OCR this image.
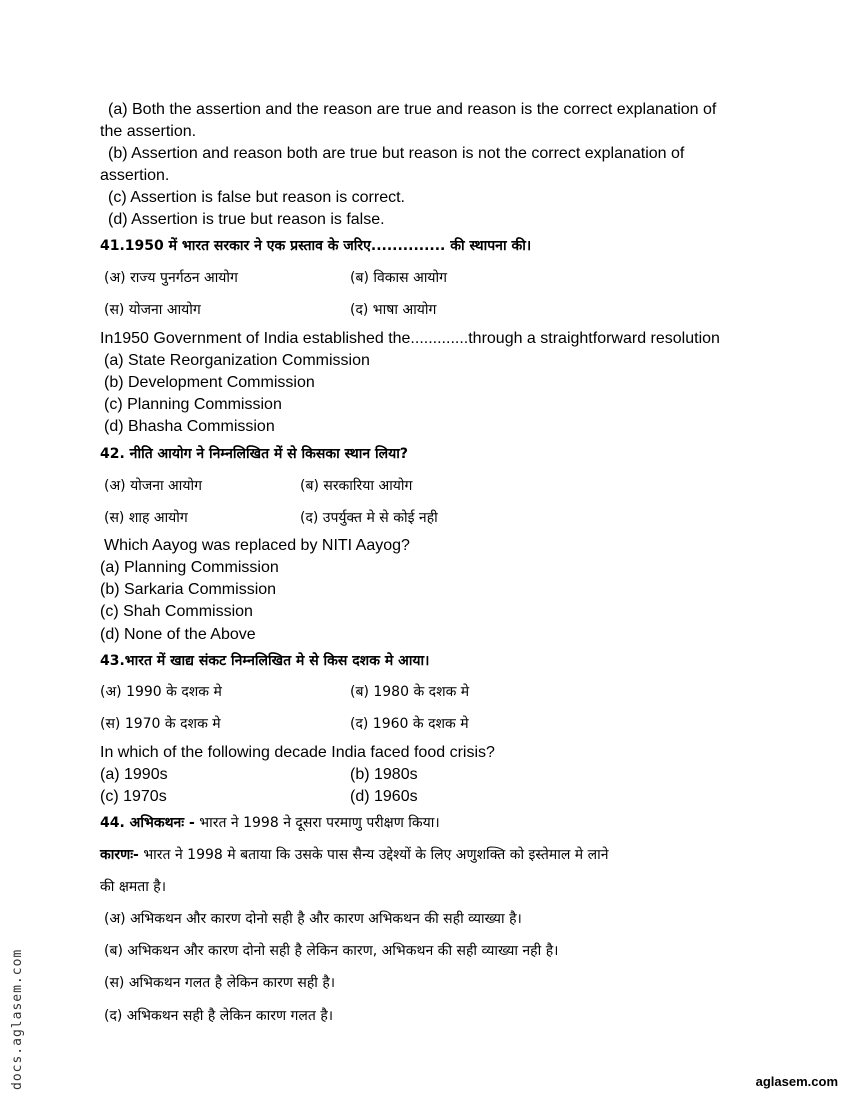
(a) Both the assertion and the reason are true and reason is the correct explanation of
the assertion.
(b) Assertion and reason both are true but reason is not the correct explanation of
assertion.
(c) Assertion is false but reason is correct.
(d) Assertion is true but reason is false.
41.1950 में भारत सरकार ने एक प्रस्ताव के जरिए.............. की स्थापना की।
(अ) राज्य पुनर्गठन आयोग	(ब) विकास आयोग
(स) योजना आयोग	(द) भाषा आयोग
In1950 Government of India established the.............through a straightforward resolution
(a) State Reorganization Commission
(b) Development Commission
(c) Planning Commission
(d) Bhasha Commission
42. नीति आयोग ने निम्नलिखित में से किसका स्थान लिया?
(अ) योजना आयोग	(ब) सरकारिया आयोग
(स) शाह आयोग	(द) उपर्युक्त मे से कोई नही
Which Aayog was replaced by NITI Aayog?
(a) Planning Commission
(b) Sarkaria Commission
(c) Shah Commission
(d) None of the Above
43.भारत में खाद्य संकट निम्नलिखित मे से किस दशक मे आया।
(अ) 1990 के दशक मे	(ब) 1980 के दशक मे
(स) 1970 के दशक मे	(द) 1960 के दशक मे
In which of the following decade India faced food crisis?
(a) 1990s	(b) 1980s
(c) 1970s	(d) 1960s
44. अभिकथनः - भारत ने 1998 ने दूसरा परमाणु परीक्षण किया।
कारणः- भारत ने 1998 मे बताया कि उसके पास सैन्य उद्देश्यों के लिए अणुशक्ति को इस्तेमाल मे लाने
की क्षमता है।
(अ) अभिकथन और कारण दोनो सही है और कारण अभिकथन की सही व्याख्या है।
(ब) अभिकथन और कारण दोनो सही है लेकिन कारण, अभिकथन की सही व्याख्या नही है।
(स) अभिकथन गलत है लेकिन कारण सही है।
(द) अभिकथन सही है लेकिन कारण गलत है।
docs.aglasem.com	aglasem.com
